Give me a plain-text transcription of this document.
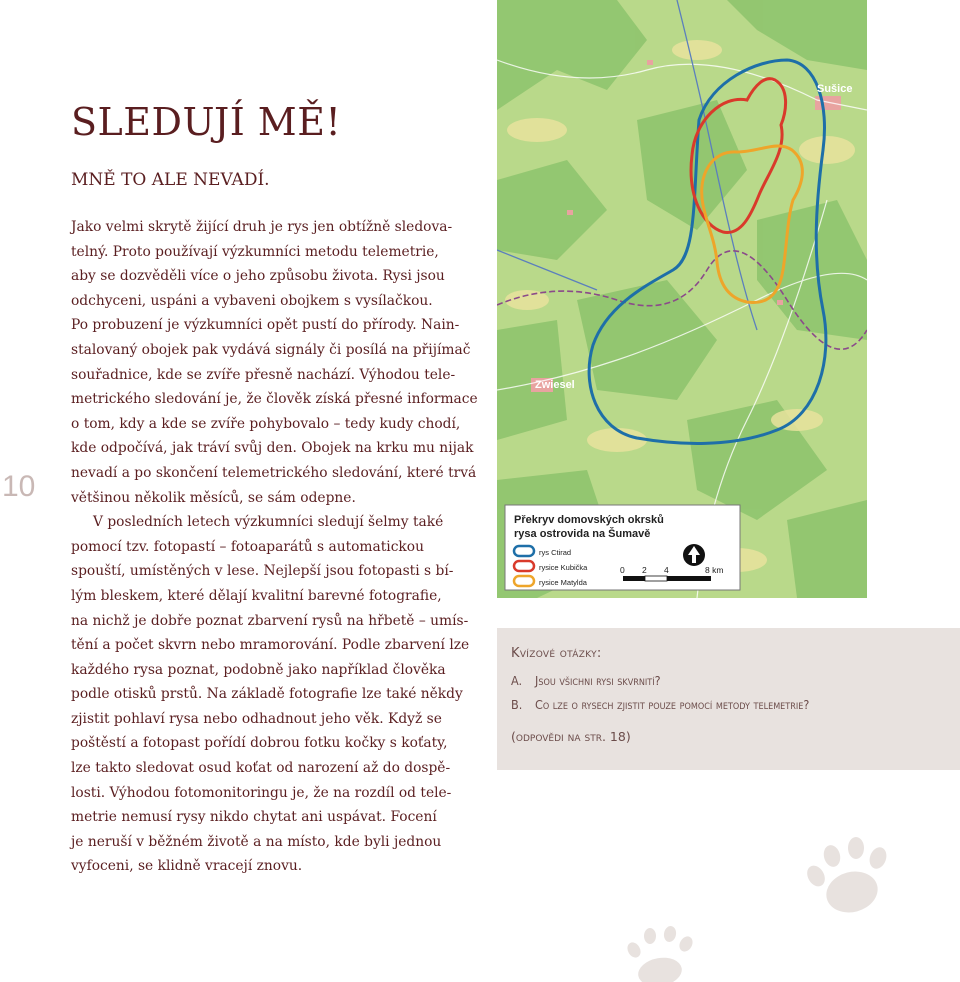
10
SLEDUJÍ MĚ!
MNĚ TO ALE NEVADÍ.
Jako velmi skrytě žijící druh je rys jen obtížně sledova-
telný. Proto používají výzkumníci metodu telemetrie,
aby se dozvěděli více o jeho způsobu života. Rysi jsou
odchyceni, uspáni a vybaveni obojkem s vysílačkou.
Po probuzení je výzkumníci opět pustí do přírody. Nain-
stalovaný obojek pak vydává signály či posílá na přijímač
souřadnice, kde se zvíře přesně nachází. Výhodou tele-
metrického sledování je, že člověk získá přesné informace
o tom, kdy a kde se zvíře pohybovalo – tedy kudy chodí,
kde odpočívá, jak tráví svůj den. Obojek na krku mu nijak
nevadí a po skončení telemetrického sledování, které trvá
většinou několik měsíců, se sám odepne.
V posledních letech výzkumníci sledují šelmy také
pomocí tzv. fotopastí – fotoaparátů s automatickou
spouští, umístěných v lese. Nejlepší jsou fotopasti s bí-
lým bleskem, které dělají kvalitní barevné fotografie,
na nichž je dobře poznat zbarvení rysů na hřbetě – umís-
tění a počet skvrn nebo mramorování. Podle zbarvení lze
každého rysa poznat, podobně jako například člověka
podle otisků prstů. Na základě fotografie lze také někdy
zjistit pohlaví rysa nebo odhadnout jeho věk. Když se
poštěstí a fotopast pořídí dobrou fotku kočky s koťaty,
lze takto sledovat osud koťat od narození až do dospě-
losti. Výhodou fotomonitoringu je, že na rozdíl od tele-
metrie nemusí rysy nikdo chytat ani uspávat. Focení
je neruší v běžném životě a na místo, kde byli jednou
vyfoceni, se klidně vracejí znovu.
Sušice
Zwiesel
Překryv domovských okrsků
rysa ostrovida na Šumavě
rys Ctirad
rysice Kubička
rysice Matylda
0 2 4	8 km
Kvízové otázky:
A. Jsou všichni rysi skvrnití?
B. Co lze o rysech zjistit pouze pomocí metody telemetrie?
(odpovědi na str. 18)
